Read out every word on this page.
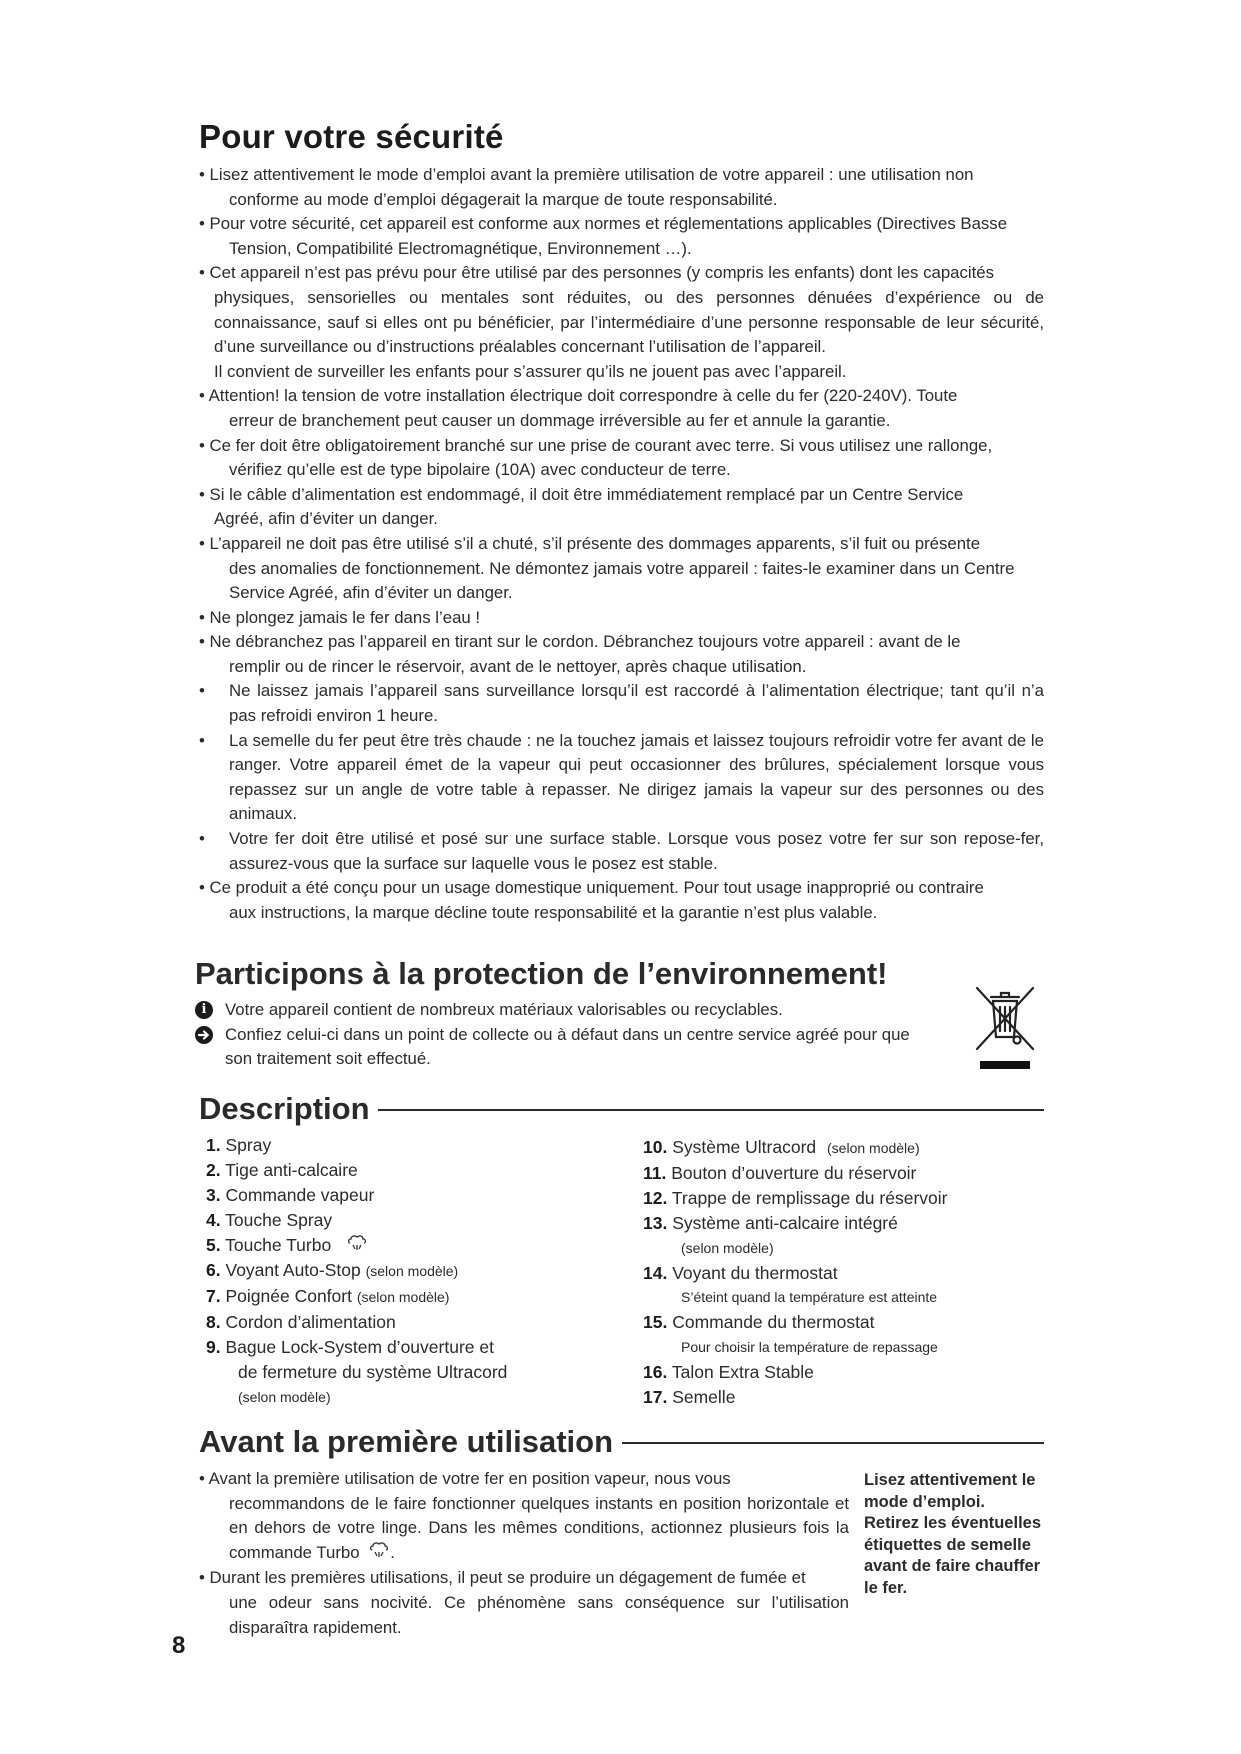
Pour votre sécurité
• Lisez attentivement le mode d’emploi avant la première utilisation de votre appareil : une utilisation non
conforme au mode d’emploi dégagerait la marque de toute responsabilité.
• Pour votre sécurité, cet appareil est conforme aux normes et réglementations applicables (Directives Basse
Tension, Compatibilité Electromagnétique, Environnement …).
• Cet appareil n’est pas prévu pour être utilisé par des personnes (y compris les enfants) dont les capacités
physiques, sensorielles ou mentales sont réduites, ou des personnes dénuées d’expérience ou de connaissance, sauf si elles ont pu bénéficier, par l’intermédiaire d’une personne responsable de leur sécurité, d’une surveillance ou d’instructions préalables concernant l’utilisation de l’appareil.
Il convient de surveiller les enfants pour s’assurer qu’ils ne jouent pas avec l’appareil.
• Attention! la tension de votre installation électrique doit correspondre à celle du fer (220-240V). Toute
erreur de branchement peut causer un dommage irréversible au fer et annule la garantie.
• Ce fer doit être obligatoirement branché sur une prise de courant avec terre. Si vous utilisez une rallonge,
vérifiez qu’elle est de type bipolaire (10A) avec conducteur de terre.
• Si le câble d’alimentation est endommagé, il doit être immédiatement remplacé par un Centre Service
Agréé, afin d’éviter un danger.
• L’appareil ne doit pas être utilisé s’il a chuté, s’il présente des dommages apparents, s’il fuit ou présente
des anomalies de fonctionnement. Ne démontez jamais votre appareil : faites-le examiner dans un Centre Service Agréé, afin d’éviter un danger.
• Ne plongez jamais le fer dans l’eau !
• Ne débranchez pas l’appareil en tirant sur le cordon. Débranchez toujours votre appareil : avant de le
remplir ou de rincer le réservoir, avant de le nettoyer, après chaque utilisation.
• Ne laissez jamais l’appareil sans surveillance lorsqu’il est raccordé à l’alimentation électrique; tant qu’il n’a pas refroidi environ 1 heure.
• La semelle du fer peut être très chaude : ne la touchez jamais et laissez toujours refroidir votre fer avant de le ranger. Votre appareil émet de la vapeur qui peut occasionner des brûlures, spécialement lorsque vous repassez sur un angle de votre table à repasser. Ne dirigez jamais la vapeur sur des personnes ou des animaux.
• Votre fer doit être utilisé et posé sur une surface stable. Lorsque vous posez votre fer sur son repose-fer, assurez-vous que la surface sur laquelle vous le posez est stable.
• Ce produit a été conçu pour un usage domestique uniquement. Pour tout usage inapproprié ou contraire
aux instructions, la marque décline toute responsabilité et la garantie n’est plus valable.
Participons à la protection de l’environnement!
i	Votre appareil contient de nombreux matériaux valorisables ou recyclables.
Confiez celui-ci dans un point de collecte ou à défaut dans un centre service agréé pour que
son traitement soit effectué.
Description
1. Spray
2. Tige anti-calcaire
3. Commande vapeur
4. Touche Spray
5. Touche Turbo
6. Voyant Auto-Stop (selon modèle)
7. Poignée Confort (selon modèle)
8. Cordon d’alimentation
9. Bague Lock-System d’ouverture et
de fermeture du système Ultracord
(selon modèle)
10. Système Ultracord (selon modèle)
11. Bouton d’ouverture du réservoir
12. Trappe de remplissage du réservoir
13. Système anti-calcaire intégré
(selon modèle)
14. Voyant du thermostat
S’éteint quand la température est atteinte
15. Commande du thermostat
Pour choisir la température de repassage
16. Talon Extra Stable
17. Semelle
Avant la première utilisation
• Avant la première utilisation de votre fer en position vapeur, nous vous
recommandons de le faire fonctionner quelques instants en position horizontale et en dehors de votre linge. Dans les mêmes conditions, actionnez plusieurs fois la commande Turbo .
• Durant les premières utilisations, il peut se produire un dégagement de fumée et
une odeur sans nocivité. Ce phénomène sans conséquence sur l’utilisation disparaîtra rapidement.
Lisez attentivement le mode d’emploi. Retirez les éventuelles étiquettes de semelle avant de faire chauffer le fer.
8
